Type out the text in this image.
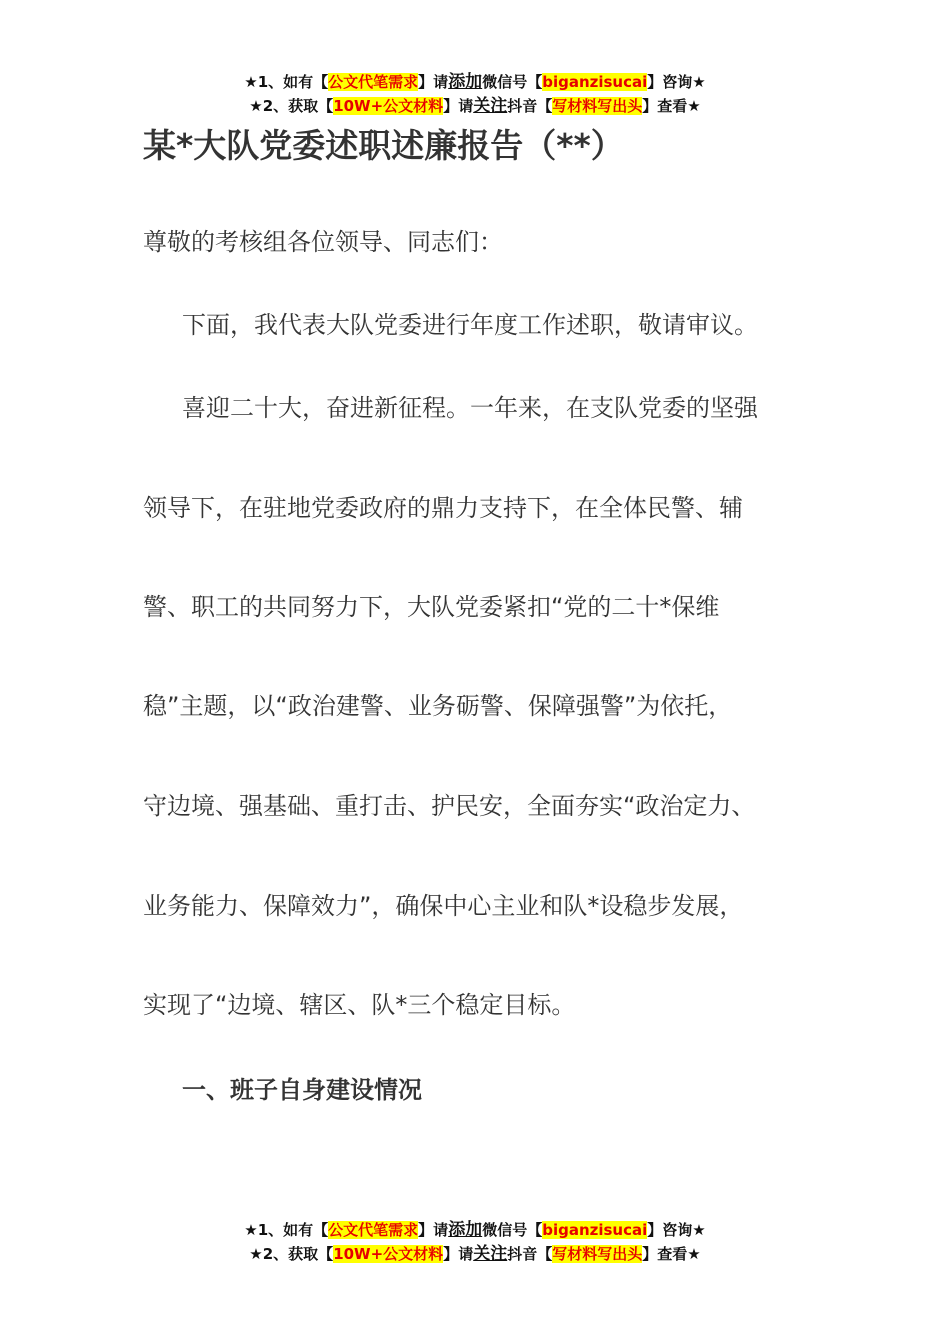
★1、如有【公文代笔需求】请添加微信号【biganzisucai】咨询★
★2、获取【10W+公文材料】请关注抖音【写材料写出头】查看★
某*大队党委述职述廉报告（**）
尊敬的考核组各位领导、同志们：
下面，我代表大队党委进行年度工作述职，敬请审议。
喜迎二十大，奋进新征程。一年来，在支队党委的坚强
领导下，在驻地党委政府的鼎力支持下，在全体民警、辅
警、职工的共同努力下，大队党委紧扣“党的二十*保维
稳”主题，以“政治建警、业务砺警、保障强警”为依托，
守边境、强基础、重打击、护民安，全面夯实“政治定力、
业务能力、保障效力”，确保中心主业和队*设稳步发展，
实现了“边境、辖区、队*三个稳定目标。
一、班子自身建设情况
★1、如有【公文代笔需求】请添加微信号【biganzisucai】咨询★
★2、获取【10W+公文材料】请关注抖音【写材料写出头】查看★
